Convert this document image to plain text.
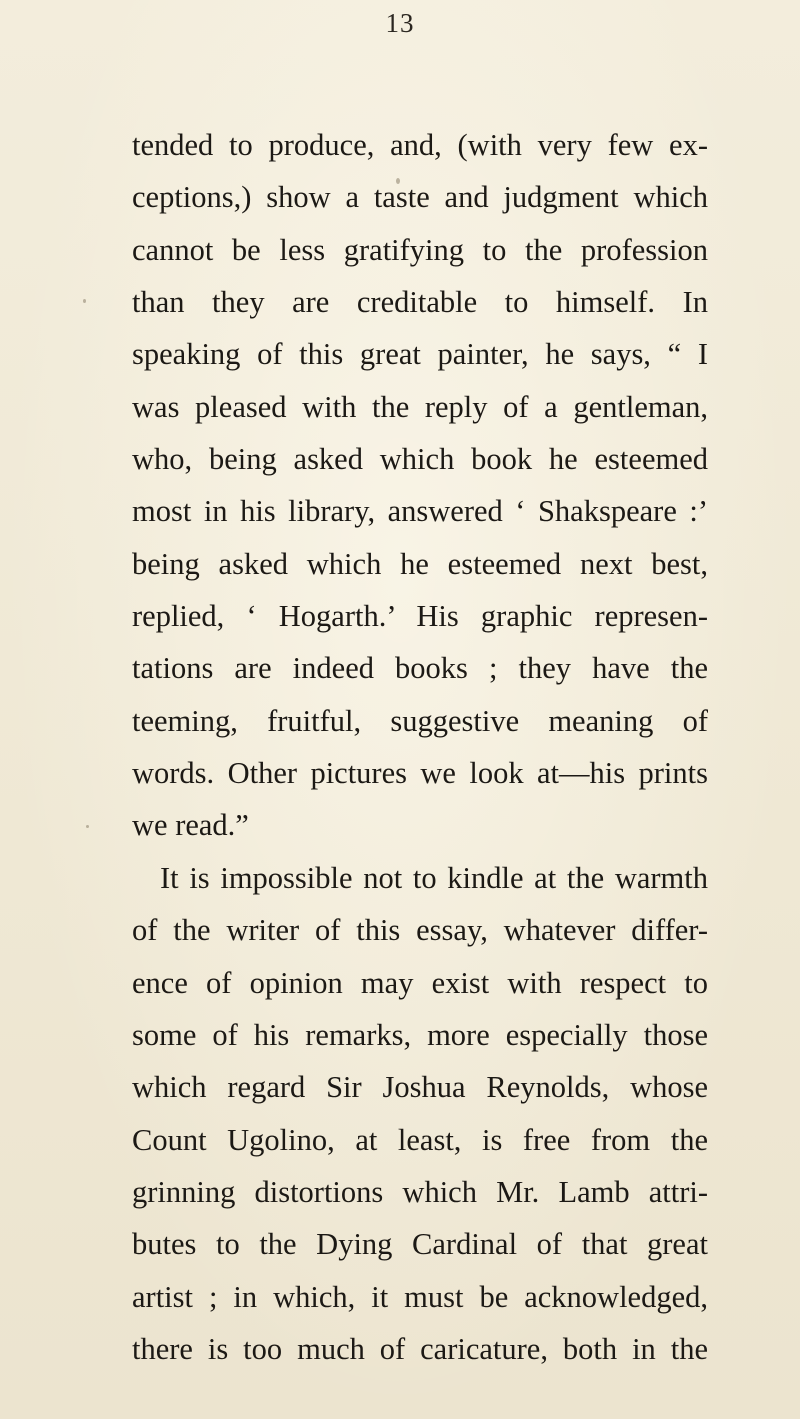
13
tended to produce, and, (with very few ex-
ceptions,) show a taste and judgment which
cannot be less gratifying to the profession
than they are creditable to himself. In
speaking of this great painter, he says, “ I
was pleased with the reply of a gentleman,
who, being asked which book he esteemed
most in his library, answered ‘ Shakspeare :’
being asked which he esteemed next best,
replied, ‘ Hogarth.’ His graphic represen-
tations are indeed books ; they have the
teeming, fruitful, suggestive meaning of
words. Other pictures we look at—his prints
we read.”
It is impossible not to kindle at the warmth
of the writer of this essay, whatever differ-
ence of opinion may exist with respect to
some of his remarks, more especially those
which regard Sir Joshua Reynolds, whose
Count Ugolino, at least, is free from the
grinning distortions which Mr. Lamb attri-
butes to the Dying Cardinal of that great
artist ; in which, it must be acknowledged,
there is too much of caricature, both in the
